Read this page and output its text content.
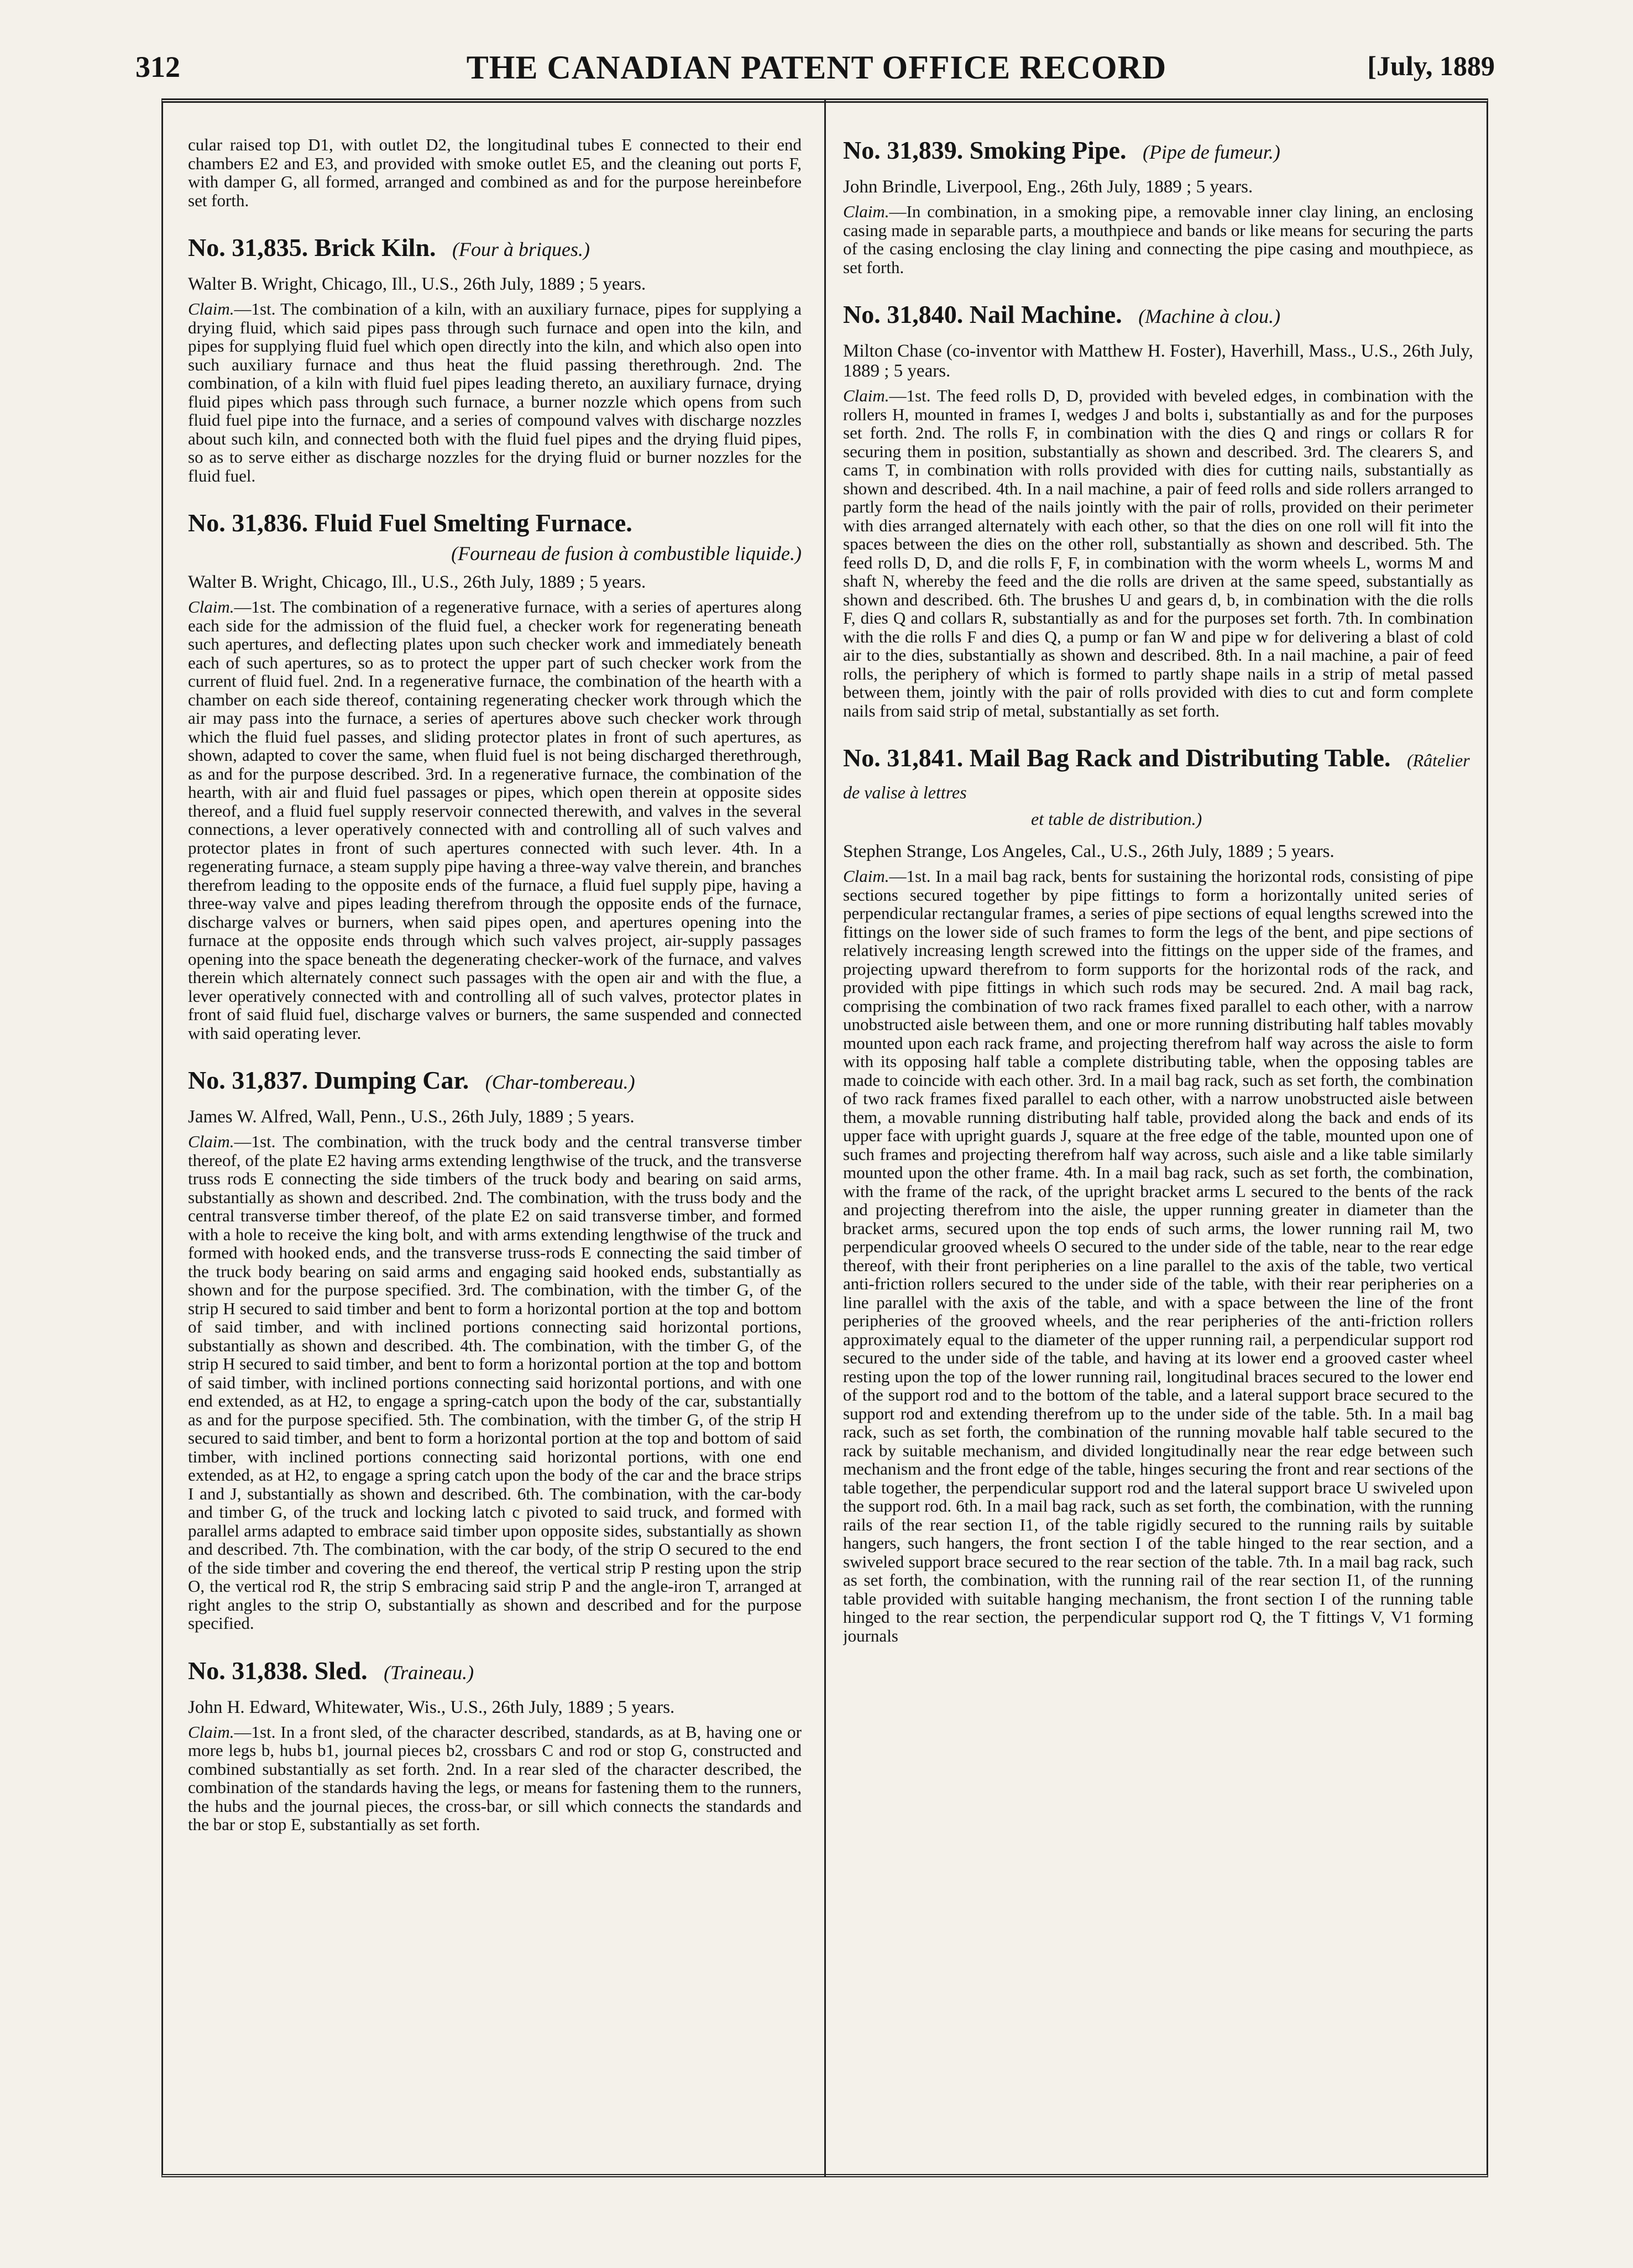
312	THE CANADIAN PATENT OFFICE RECORD	[July, 1889

cular raised top D1, with outlet D2, the longitudinal tubes E connected to their end chambers E2 and E3, and provided with smoke outlet E5, and the cleaning out ports F, with damper G, all formed, arranged and combined as and for the purpose hereinbefore set forth.

No. 31,835. Brick Kiln. (Four à briques.)

Walter B. Wright, Chicago, Ill., U.S., 26th July, 1889 ; 5 years.

Claim.—1st. The combination of a kiln, with an auxiliary furnace, pipes for supplying a drying fluid, which said pipes pass through such furnace and open into the kiln, and pipes for supplying fluid fuel which open directly into the kiln, and which also open into such auxiliary furnace and thus heat the fluid passing therethrough. 2nd. The combination, of a kiln with fluid fuel pipes leading thereto, an auxiliary furnace, drying fluid pipes which pass through such furnace, a burner nozzle which opens from such fluid fuel pipe into the furnace, and a series of compound valves with discharge nozzles about such kiln, and connected both with the fluid fuel pipes and the drying fluid pipes, so as to serve either as discharge nozzles for the drying fluid or burner nozzles for the fluid fuel.

No. 31,836. Fluid Fuel Smelting Furnace.
(Fourneau de fusion à combustible liquide.)

Walter B. Wright, Chicago, Ill., U.S., 26th July, 1889 ; 5 years.

Claim.—1st. The combination of a regenerative furnace, with a series of apertures along each side for the admission of the fluid fuel, a checker work for regenerating beneath such apertures, and deflecting plates upon such checker work and immediately beneath each of such apertures, so as to protect the upper part of such checker work from the current of fluid fuel. 2nd. In a regenerative furnace, the combination of the hearth with a chamber on each side thereof, containing regenerating checker work through which the air may pass into the furnace, a series of apertures above such checker work through which the fluid fuel passes, and sliding protector plates in front of such apertures, as shown, adapted to cover the same, when fluid fuel is not being discharged therethrough, as and for the purpose described. 3rd. In a regenerative furnace, the combination of the hearth, with air and fluid fuel passages or pipes, which open therein at opposite sides thereof, and a fluid fuel supply reservoir connected therewith, and valves in the several connections, a lever operatively connected with and controlling all of such valves and protector plates in front of such apertures connected with such lever. 4th. In a regenerating furnace, a steam supply pipe having a three-way valve therein, and branches therefrom leading to the opposite ends of the furnace, a fluid fuel supply pipe, having a three-way valve and pipes leading therefrom through the opposite ends of the furnace, discharge valves or burners, when said pipes open, and apertures opening into the furnace at the opposite ends through which such valves project, air-supply passages opening into the space beneath the degenerating checker-work of the furnace, and valves therein which alternately connect such passages with the open air and with the flue, a lever operatively connected with and controlling all of such valves, protector plates in front of said fluid fuel, discharge valves or burners, the same suspended and connected with said operating lever.

No. 31,837. Dumping Car. (Char-tombereau.)

James W. Alfred, Wall, Penn., U.S., 26th July, 1889 ; 5 years.

Claim.—1st. The combination, with the truck body and the central transverse timber thereof, of the plate E2 having arms extending lengthwise of the truck, and the transverse truss rods E connecting the side timbers of the truck body and bearing on said arms, substantially as shown and described. 2nd. The combination, with the truss body and the central transverse timber thereof, of the plate E2 on said transverse timber, and formed with a hole to receive the king bolt, and with arms extending lengthwise of the truck and formed with hooked ends, and the transverse truss-rods E connecting the said timber of the truck body bearing on said arms and engaging said hooked ends, substantially as shown and for the purpose specified. 3rd. The combination, with the timber G, of the strip H secured to said timber and bent to form a horizontal portion at the top and bottom of said timber, and with inclined portions connecting said horizontal portions, substantially as shown and described. 4th. The combination, with the timber G, of the strip H secured to said timber, and bent to form a horizontal portion at the top and bottom of said timber, with inclined portions connecting said horizontal portions, and with one end extended, as at H2, to engage a spring-catch upon the body of the car, substantially as and for the purpose specified. 5th. The combination, with the timber G, of the strip H secured to said timber, and bent to form a horizontal portion at the top and bottom of said timber, with inclined portions connecting said horizontal portions, with one end extended, as at H2, to engage a spring catch upon the body of the car and the brace strips I and J, substantially as shown and described. 6th. The combination, with the car-body and timber G, of the truck and locking latch c pivoted to said truck, and formed with parallel arms adapted to embrace said timber upon opposite sides, substantially as shown and described. 7th. The combination, with the car body, of the strip O secured to the end of the side timber and covering the end thereof, the vertical strip P resting upon the strip O, the vertical rod R, the strip S embracing said strip P and the angle-iron T, arranged at right angles to the strip O, substantially as shown and described and for the purpose specified.

No. 31,838. Sled. (Traineau.)

John H. Edward, Whitewater, Wis., U.S., 26th July, 1889 ; 5 years.

Claim.—1st. In a front sled, of the character described, standards, as at B, having one or more legs b, hubs b1, journal pieces b2, crossbars C and rod or stop G, constructed and combined substantially as set forth. 2nd. In a rear sled of the character described, the combination of the standards having the legs, or means for fastening them to the runners, the hubs and the journal pieces, the cross-bar, or sill which connects the standards and the bar or stop E, substantially as set forth.

No. 31,839. Smoking Pipe. (Pipe de fumeur.)

John Brindle, Liverpool, Eng., 26th July, 1889 ; 5 years.

Claim.—In combination, in a smoking pipe, a removable inner clay lining, an enclosing casing made in separable parts, a mouthpiece and bands or like means for securing the parts of the casing enclosing the clay lining and connecting the pipe casing and mouthpiece, as set forth.

No. 31,840. Nail Machine. (Machine à clou.)

Milton Chase (co-inventor with Matthew H. Foster), Haverhill, Mass., U.S., 26th July, 1889 ; 5 years.

Claim.—1st. The feed rolls D, D, provided with beveled edges, in combination with the rollers H, mounted in frames I, wedges J and bolts i, substantially as and for the purposes set forth. 2nd. The rolls F, in combination with the dies Q and rings or collars R for securing them in position, substantially as shown and described. 3rd. The clearers S, and cams T, in combination with rolls provided with dies for cutting nails, substantially as shown and described. 4th. In a nail machine, a pair of feed rolls and side rollers arranged to partly form the head of the nails jointly with the pair of rolls, provided on their perimeter with dies arranged alternately with each other, so that the dies on one roll will fit into the spaces between the dies on the other roll, substantially as shown and described. 5th. The feed rolls D, D, and die rolls F, F, in combination with the worm wheels L, worms M and shaft N, whereby the feed and the die rolls are driven at the same speed, substantially as shown and described. 6th. The brushes U and gears d, b, in combination with the die rolls F, dies Q and collars R, substantially as and for the purposes set forth. 7th. In combination with the die rolls F and dies Q, a pump or fan W and pipe w for delivering a blast of cold air to the dies, substantially as shown and described. 8th. In a nail machine, a pair of feed rolls, the periphery of which is formed to partly shape nails in a strip of metal passed between them, jointly with the pair of rolls provided with dies to cut and form complete nails from said strip of metal, substantially as set forth.

No. 31,841. Mail Bag Rack and Distributing Table. (Râtelier de valise à lettres
et table de distribution.)

Stephen Strange, Los Angeles, Cal., U.S., 26th July, 1889 ; 5 years.

Claim.—1st. In a mail bag rack, bents for sustaining the horizontal rods, consisting of pipe sections secured together by pipe fittings to form a horizontally united series of perpendicular rectangular frames, a series of pipe sections of equal lengths screwed into the fittings on the lower side of such frames to form the legs of the bent, and pipe sections of relatively increasing length screwed into the fittings on the upper side of the frames, and projecting upward therefrom to form supports for the horizontal rods of the rack, and provided with pipe fittings in which such rods may be secured. 2nd. A mail bag rack, comprising the combination of two rack frames fixed parallel to each other, with a narrow unobstructed aisle between them, and one or more running distributing half tables movably mounted upon each rack frame, and projecting therefrom half way across the aisle to form with its opposing half table a complete distributing table, when the opposing tables are made to coincide with each other. 3rd. In a mail bag rack, such as set forth, the combination of two rack frames fixed parallel to each other, with a narrow unobstructed aisle between them, a movable running distributing half table, provided along the back and ends of its upper face with upright guards J, square at the free edge of the table, mounted upon one of such frames and projecting therefrom half way across, such aisle and a like table similarly mounted upon the other frame. 4th. In a mail bag rack, such as set forth, the combination, with the frame of the rack, of the upright bracket arms L secured to the bents of the rack and projecting therefrom into the aisle, the upper running greater in diameter than the bracket arms, secured upon the top ends of such arms, the lower running rail M, two perpendicular grooved wheels O secured to the under side of the table, near to the rear edge thereof, with their front peripheries on a line parallel to the axis of the table, two vertical anti-friction rollers secured to the under side of the table, with their rear peripheries on a line parallel with the axis of the table, and with a space between the line of the front peripheries of the grooved wheels, and the rear peripheries of the anti-friction rollers approximately equal to the diameter of the upper running rail, a perpendicular support rod secured to the under side of the table, and having at its lower end a grooved caster wheel resting upon the top of the lower running rail, longitudinal braces secured to the lower end of the support rod and to the bottom of the table, and a lateral support brace secured to the support rod and extending therefrom up to the under side of the table. 5th. In a mail bag rack, such as set forth, the combination of the running movable half table secured to the rack by suitable mechanism, and divided longitudinally near the rear edge between such mechanism and the front edge of the table, hinges securing the front and rear sections of the table together, the perpendicular support rod and the lateral support brace U swiveled upon the support rod. 6th. In a mail bag rack, such as set forth, the combination, with the running rails of the rear section I1, of the table rigidly secured to the running rails by suitable hangers, such hangers, the front section I of the table hinged to the rear section, and a swiveled support brace secured to the rear section of the table. 7th. In a mail bag rack, such as set forth, the combination, with the running rail of the rear section I1, of the running table provided with suitable hanging mechanism, the front section I of the running table hinged to the rear section, the perpendicular support rod Q, the T fittings V, V1 forming journals
